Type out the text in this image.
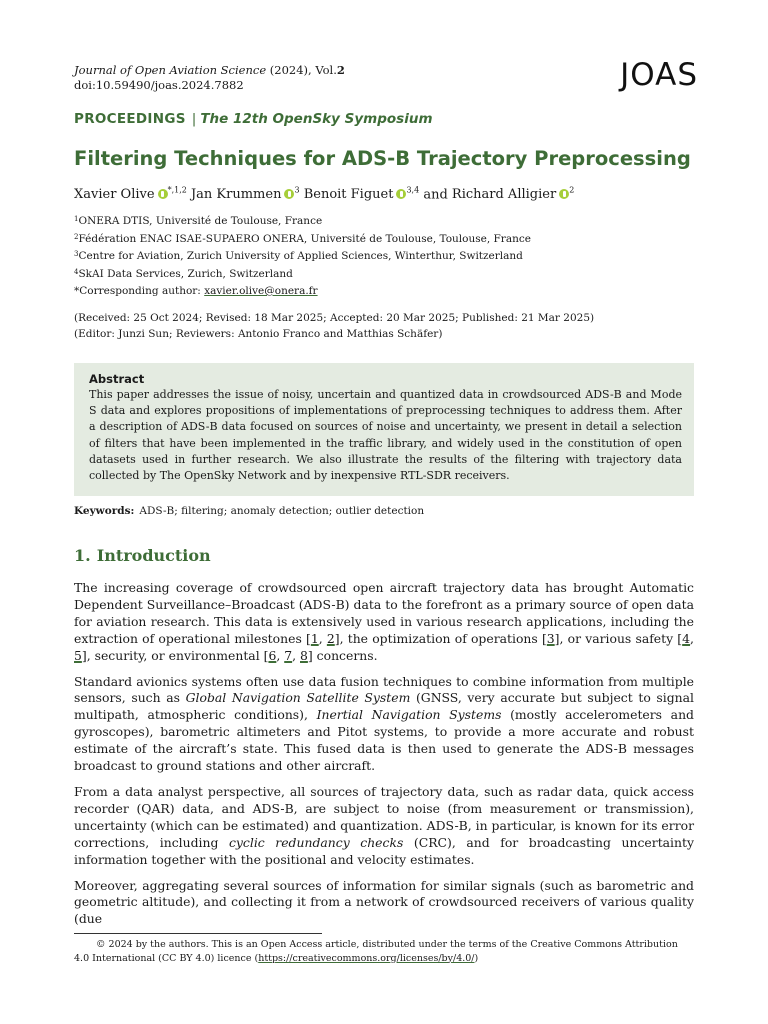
Journal of Open Aviation Science (2024), Vol.2
doi:10.59490/joas.2024.7882	JOAS
PROCEEDINGS | The 12th OpenSky Symposium
Filtering Techniques for ADS-B Trajectory Preprocessing
Xavier Olive $^{*,1,2}$ Jan Krummen $^3$ Benoit Figuet $^{3,4}$ and Richard Alligier $^2$
$^1$ONERA DTIS, Université de Toulouse, France
$^2$Fédération ENAC ISAE-SUPAERO ONERA, Université de Toulouse, Toulouse, France
$^3$Centre for Aviation, Zurich University of Applied Sciences, Winterthur, Switzerland
$^4$SkAI Data Services, Zurich, Switzerland
*Corresponding author: xavier.olive@onera.fr
(Received: 25 Oct 2024; Revised: 18 Mar 2025; Accepted: 20 Mar 2025; Published: 21 Mar 2025)
(Editor: Junzi Sun; Reviewers: Antonio Franco and Matthias Schäfer)
Abstract

This paper addresses the issue of noisy, uncertain and quantized data in crowdsourced ADS-B and Mode S data and explores propositions of implementations of preprocessing techniques to address them. After a description of ADS-B data focused on sources of noise and uncertainty, we present in detail a selection of filters that have been implemented in the traffic library, and widely used in the constitution of open datasets used in further research. We also illustrate the results of the filtering with trajectory data collected by The OpenSky Network and by inexpensive RTL-SDR receivers.

Keywords: ADS-B; filtering; anomaly detection; outlier detection
1. Introduction

The increasing coverage of crowdsourced open aircraft trajectory data has brought Automatic Dependent Surveillance–Broadcast (ADS-B) data to the forefront as a primary source of open data for aviation research. This data is extensively used in various research applications, including the extraction of operational milestones [1, 2], the optimization of operations [3], or various safety [4, 5], security, or environmental [6, 7, 8] concerns.

Standard avionics systems often use data fusion techniques to combine information from multiple sensors, such as Global Navigation Satellite System (GNSS, very accurate but subject to signal multipath, atmospheric conditions), Inertial Navigation Systems (mostly accelerometers and gyroscopes), barometric altimeters and Pitot systems, to provide a more accurate and robust estimate of the aircraft’s state. This fused data is then used to generate the ADS-B messages broadcast to ground stations and other aircraft.

From a data analyst perspective, all sources of trajectory data, such as radar data, quick access recorder (QAR) data, and ADS-B, are subject to noise (from measurement or transmission), uncertainty (which can be estimated) and quantization. ADS-B, in particular, is known for its error corrections, including cyclic redundancy checks (CRC), and for broadcasting uncertainty information together with the positional and velocity estimates.

Moreover, aggregating several sources of information for similar signals (such as barometric and geometric altitude), and collecting it from a network of crowdsourced receivers of various quality (due

© 2024 by the authors. This is an Open Access article, distributed under the terms of the Creative Commons Attribution 4.0 International (CC BY 4.0) licence (https://creativecommons.org/licenses/by/4.0/)
